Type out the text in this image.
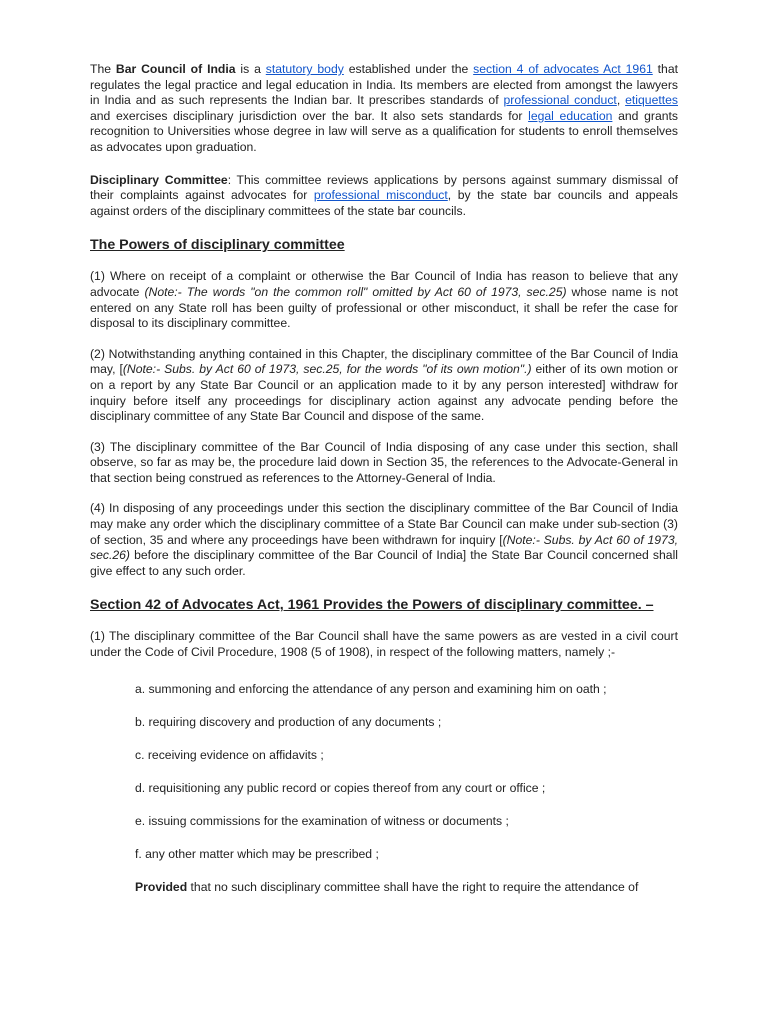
The Bar Council of India is a statutory body established under the section 4 of advocates Act 1961 that regulates the legal practice and legal education in India. Its members are elected from amongst the lawyers in India and as such represents the Indian bar. It prescribes standards of professional conduct, etiquettes and exercises disciplinary jurisdiction over the bar. It also sets standards for legal education and grants recognition to Universities whose degree in law will serve as a qualification for students to enroll themselves as advocates upon graduation.

Disciplinary Committee: This committee reviews applications by persons against summary dismissal of their complaints against advocates for professional misconduct, by the state bar councils and appeals against orders of the disciplinary committees of the state bar councils.

The Powers of disciplinary committee

(1) Where on receipt of a complaint or otherwise the Bar Council of India has reason to believe that any advocate (Note:- The words "on the common roll" omitted by Act 60 of 1973, sec.25) whose name is not entered on any State roll has been guilty of professional or other misconduct, it shall be refer the case for disposal to its disciplinary committee.

(2) Notwithstanding anything contained in this Chapter, the disciplinary committee of the Bar Council of India may, [(Note:- Subs. by Act 60 of 1973, sec.25, for the words "of its own motion".) either of its own motion or on a report by any State Bar Council or an application made to it by any person interested] withdraw for inquiry before itself any proceedings for disciplinary action against any advocate pending before the disciplinary committee of any State Bar Council and dispose of the same.

(3) The disciplinary committee of the Bar Council of India disposing of any case under this section, shall observe, so far as may be, the procedure laid down in Section 35, the references to the Advocate-General in that section being construed as references to the Attorney-General of India.

(4) In disposing of any proceedings under this section the disciplinary committee of the Bar Council of India may make any order which the disciplinary committee of a State Bar Council can make under sub-section (3) of section, 35 and where any proceedings have been withdrawn for inquiry [(Note:- Subs. by Act 60 of 1973, sec.26) before the disciplinary committee of the Bar Council of India] the State Bar Council concerned shall give effect to any such order.

Section 42 of Advocates Act, 1961 Provides the Powers of disciplinary committee. –

(1) The disciplinary committee of the Bar Council shall have the same powers as are vested in a civil court under the Code of Civil Procedure, 1908 (5 of 1908), in respect of the following matters, namely ;-

a. summoning and enforcing the attendance of any person and examining him on oath ;
b. requiring discovery and production of any documents ;
c. receiving evidence on affidavits ;
d. requisitioning any public record or copies thereof from any court or office ;
e. issuing commissions for the examination of witness or documents ;
f. any other matter which may be prescribed ;
Provided that no such disciplinary committee shall have the right to require the attendance of
